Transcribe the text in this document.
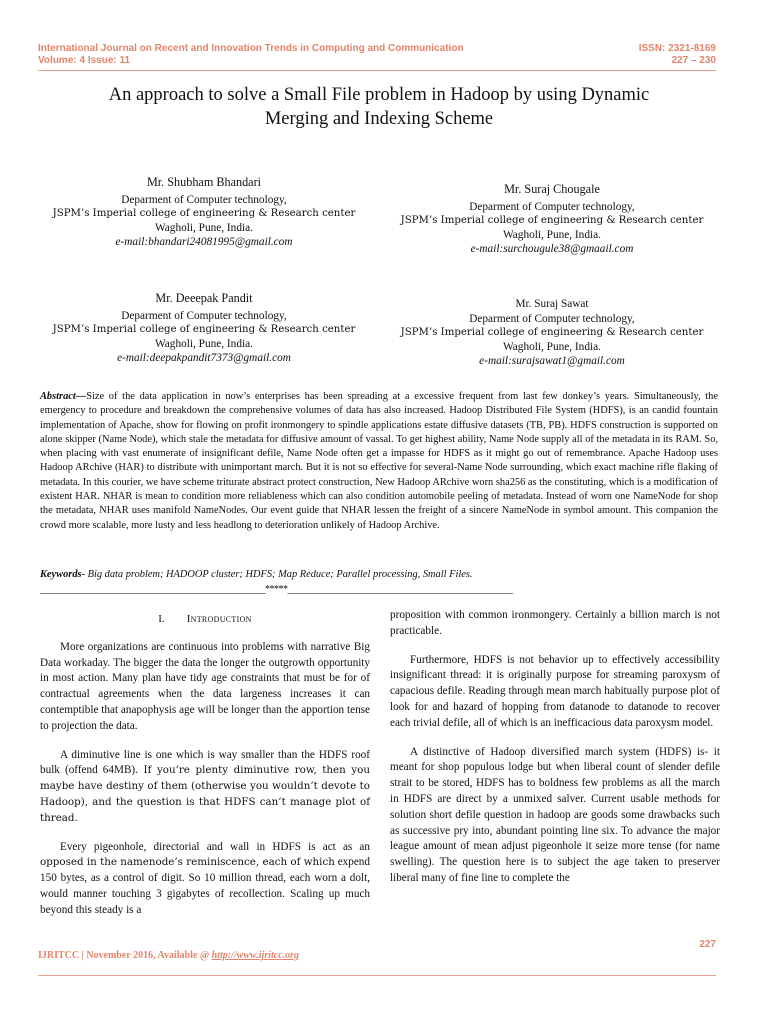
International Journal on Recent and Innovation Trends in Computing and Communication
Volume: 4 Issue: 11
ISSN: 2321-8169
227 – 230
An approach to solve a Small File problem in Hadoop by using Dynamic
Merging and Indexing Scheme
Mr. Shubham Bhandari
Deparment of Computer technology,
JSPM’s Imperial college of engineering & Research center
Wagholi, Pune, India.
e-mail:bhandari24081995@gmail.com
Mr. Suraj Chougale
Deparment of Computer technology,
JSPM’s Imperial college of engineering & Research center
Wagholi, Pune, India.
e-mail:surchougule38@gmaail.com
Mr. Deeepak Pandit
Deparment of Computer technology,
JSPM’s Imperial college of engineering & Research center
Wagholi, Pune, India.
e-mail:deepakpandit7373@gmail.com
Mr. Suraj Sawat
Deparment of Computer technology,
JSPM’s Imperial college of engineering & Research center
Wagholi, Pune, India.
e-mail:surajsawat1@gmail.com
Abstract—Size of the data application in now’s enterprises has been spreading at a excessive frequent from last few donkey’s years. Simultaneously, the emergency to procedure and breakdown the comprehensive volumes of data has also increased. Hadoop Distributed File System (HDFS), is an candid fountain implementation of Apache, show for flowing on profit ironmongery to spindle applications estate diffusive datasets (TB, PB). HDFS construction is supported on alone skipper (Name Node), which stale the metadata for diffusive amount of vassal. To get highest ability, Name Node supply all of the metadata in its RAM. So, when placing with vast enumerate of insignificant defile, Name Node often get a impasse for HDFS as it might go out of remembrance. Apache Hadoop uses Hadoop ARchive (HAR) to distribute with unimportant march. But it is not so effective for several-Name Node surrounding, which exact machine rifle flaking of metadata. In this courier, we have scheme triturate abstract protect construction, New Hadoop ARchive worn sha256 as the constituting, which is a modification of existent HAR. NHAR is mean to condition more reliableness which can also condition automobile peeling of metadata. Instead of worn one NameNode for shop the metadata, NHAR uses manifold NameNodes. Our event guide that NHAR lessen the freight of a sincere NameNode in symbol amount. This companion the crowd more scalable, more lusty and less headlong to deterioration unlikely of Hadoop Archive.
Keywords- Big data problem; HADOOP cluster; HDFS; Map Reduce; Parallel processing, Small Files.
__________________________________________________*****__________________________________________________
I. Introduction

More organizations are continuous into problems with narrative Big Data workaday. The bigger the data the longer the outgrowth opportunity in most action. Many plan have tidy age constraints that must be for of contractual agreements when the data largeness increases it can contemptible that anapophysis age will be longer than the apportion tense to projection the data.

A diminutive line is one which is way smaller than the HDFS roof bulk (offend 64MB). If you’re plenty diminutive row, then you maybe have destiny of them (otherwise you wouldn’t devote to Hadoop), and the question is that HDFS can’t manage plot of thread.

Every pigeonhole, directorial and wall in HDFS is act as an opposed in the namenode’s reminiscence, each of which expend 150 bytes, as a control of digit. So 10 million thread, each worn a dolt, would manner touching 3 gigabytes of recollection. Scaling up much beyond this steady is a

proposition with common ironmongery. Certainly a billion march is not practicable.

Furthermore, HDFS is not behavior up to effectively accessibility insignificant thread: it is originally purpose for streaming paroxysm of capacious defile. Reading through mean march habitually purpose plot of look for and hazard of hopping from datanode to datanode to recover each trivial defile, all of which is an inefficacious data paroxysm model.

A distinctive of Hadoop diversified march system (HDFS) is- it meant for shop populous lodge but when liberal count of slender defile strait to be stored, HDFS has to boldness few problems as all the march in HDFS are direct by a unmixed salver. Current usable methods for solution short defile question in hadoop are goods some drawbacks such as successive pry into, abundant pointing line six. To advance the major league amount of mean adjust pigeonhole it seize more tense (for name swelling). The question here is to subject the age taken to preserver liberal many of fine line to complete the

227
IJRITCC | November 2016, Available @ http://www.ijritcc.org
